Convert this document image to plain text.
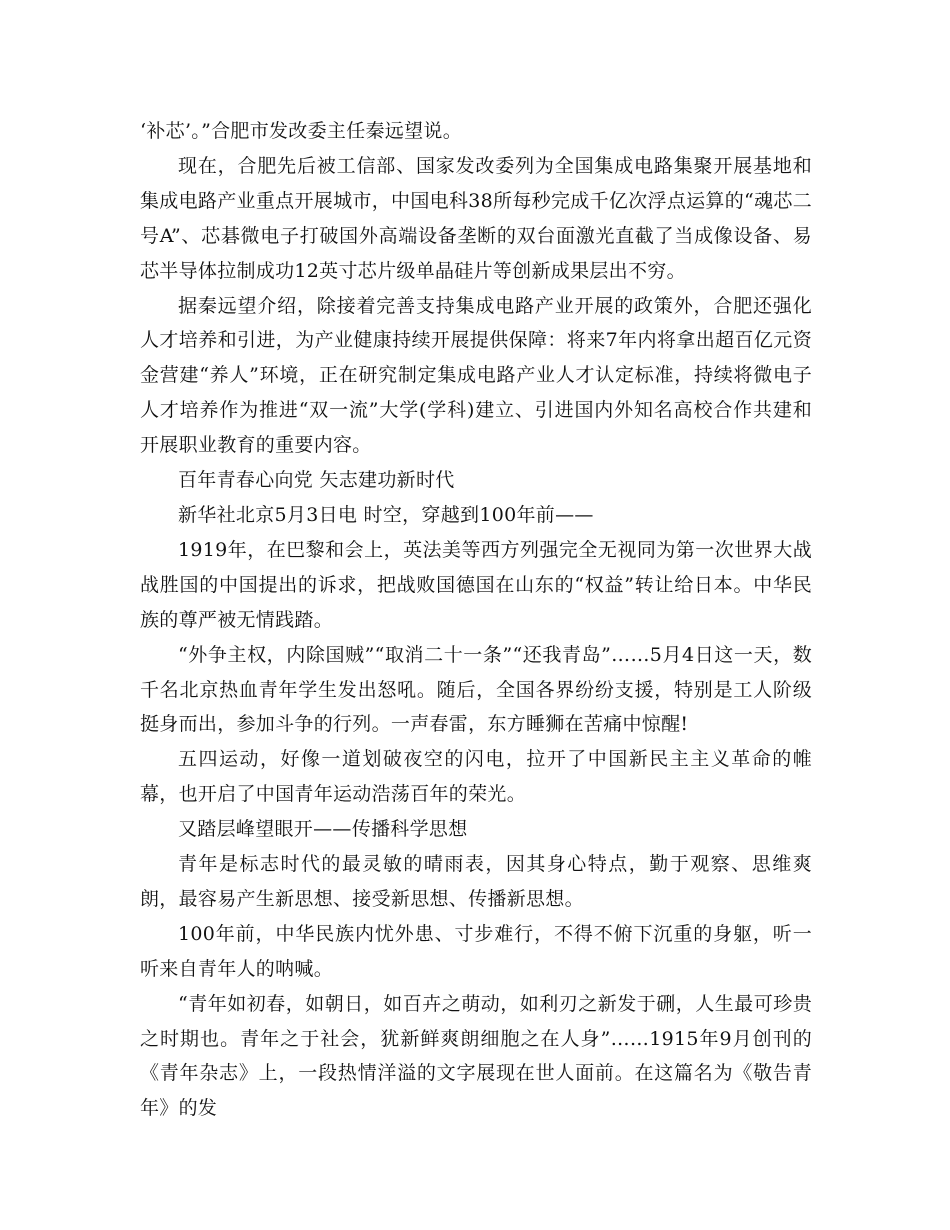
‘补芯’。”合肥市发改委主任秦远望说。

现在，合肥先后被工信部、国家发改委列为全国集成电路集聚开展基地和集成电路产业重点开展城市，中国电科38所每秒完成千亿次浮点运算的“魂芯二号A”、芯碁微电子打破国外高端设备垄断的双台面激光直截了当成像设备、易芯半导体拉制成功12英寸芯片级单晶硅片等创新成果层出不穷。

据秦远望介绍，除接着完善支持集成电路产业开展的政策外，合肥还强化人才培养和引进，为产业健康持续开展提供保障：将来7年内将拿出超百亿元资金营建“养人”环境，正在研究制定集成电路产业人才认定标准，持续将微电子人才培养作为推进“双一流”大学(学科)建立、引进国内外知名高校合作共建和开展职业教育的重要内容。

百年青春心向党 矢志建功新时代

新华社北京5月3日电 时空，穿越到100年前——

1919年，在巴黎和会上，英法美等西方列强完全无视同为第一次世界大战战胜国的中国提出的诉求，把战败国德国在山东的“权益”转让给日本。中华民族的尊严被无情践踏。

“外争主权，内除国贼”“取消二十一条”“还我青岛”……5月4日这一天，数千名北京热血青年学生发出怒吼。随后，全国各界纷纷支援，特别是工人阶级挺身而出，参加斗争的行列。一声春雷，东方睡狮在苦痛中惊醒!

五四运动，好像一道划破夜空的闪电，拉开了中国新民主主义革命的帷幕，也开启了中国青年运动浩荡百年的荣光。

又踏层峰望眼开——传播科学思想

青年是标志时代的最灵敏的晴雨表，因其身心特点，勤于观察、思维爽朗，最容易产生新思想、接受新思想、传播新思想。

100年前，中华民族内忧外患、寸步难行，不得不俯下沉重的身躯，听一听来自青年人的呐喊。

“青年如初春，如朝日，如百卉之萌动，如利刃之新发于硎，人生最可珍贵之时期也。青年之于社会，犹新鲜爽朗细胞之在人身”……1915年9月创刊的《青年杂志》上，一段热情洋溢的文字展现在世人面前。在这篇名为《敬告青年》的发
